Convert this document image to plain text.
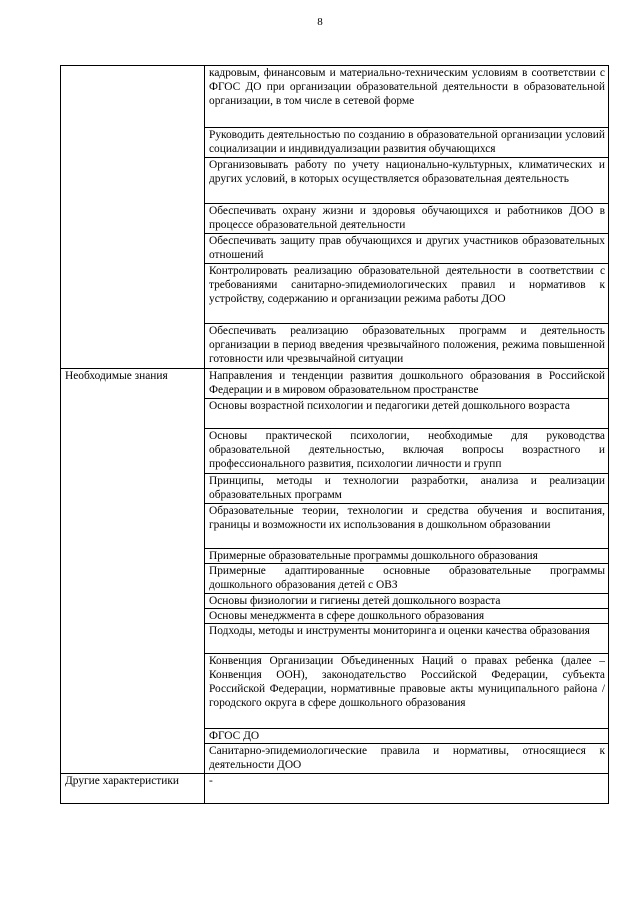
8
	кадровым, финансовым и материально-техническим условиям в соответствии с ФГОС ДО при организации образовательной деятельности в образовательной организации, в том числе в сетевой форме
	Руководить деятельностью по созданию в образовательной организации условий социализации и индивидуализации развития обучающихся
	Организовывать работу по учету национально-культурных, климатических и других условий, в которых осуществляется образовательная деятельность
	Обеспечивать охрану жизни и здоровья обучающихся и работников ДОО в процессе образовательной деятельности
	Обеспечивать защиту прав обучающихся и других участников образовательных отношений
	Контролировать реализацию образовательной деятельности в соответствии с требованиями санитарно-эпидемиологических правил и нормативов к устройству, содержанию и организации режима работы ДОО
	Обеспечивать реализацию образовательных программ и деятельность организации в период введения чрезвычайного положения, режима повышенной готовности или чрезвычайной ситуации
Необходимые знания	Направления и тенденции развития дошкольного образования в Российской Федерации и в мировом образовательном пространстве
	Основы возрастной психологии и педагогики детей дошкольного возраста
	Основы практической психологии, необходимые для руководства образовательной деятельностью, включая вопросы возрастного и профессионального развития, психологии личности и групп
	Принципы, методы и технологии разработки, анализа и реализации образовательных программ
	Образовательные теории, технологии и средства обучения и воспитания, границы и возможности их использования в дошкольном образовании
	Примерные образовательные программы дошкольного образования
	Примерные адаптированные основные образовательные программы дошкольного образования детей с ОВЗ
	Основы физиологии и гигиены детей дошкольного возраста
	Основы менеджмента в сфере дошкольного образования
	Подходы, методы и инструменты мониторинга и оценки качества образования
	Конвенция Организации Объединенных Наций о правах ребенка (далее – Конвенция ООН), законодательство Российской Федерации, субъекта Российской Федерации, нормативные правовые акты муниципального района / городского округа в сфере дошкольного образования
	ФГОС ДО
	Санитарно-эпидемиологические правила и нормативы, относящиеся к деятельности ДОО
Другие характеристики	-
